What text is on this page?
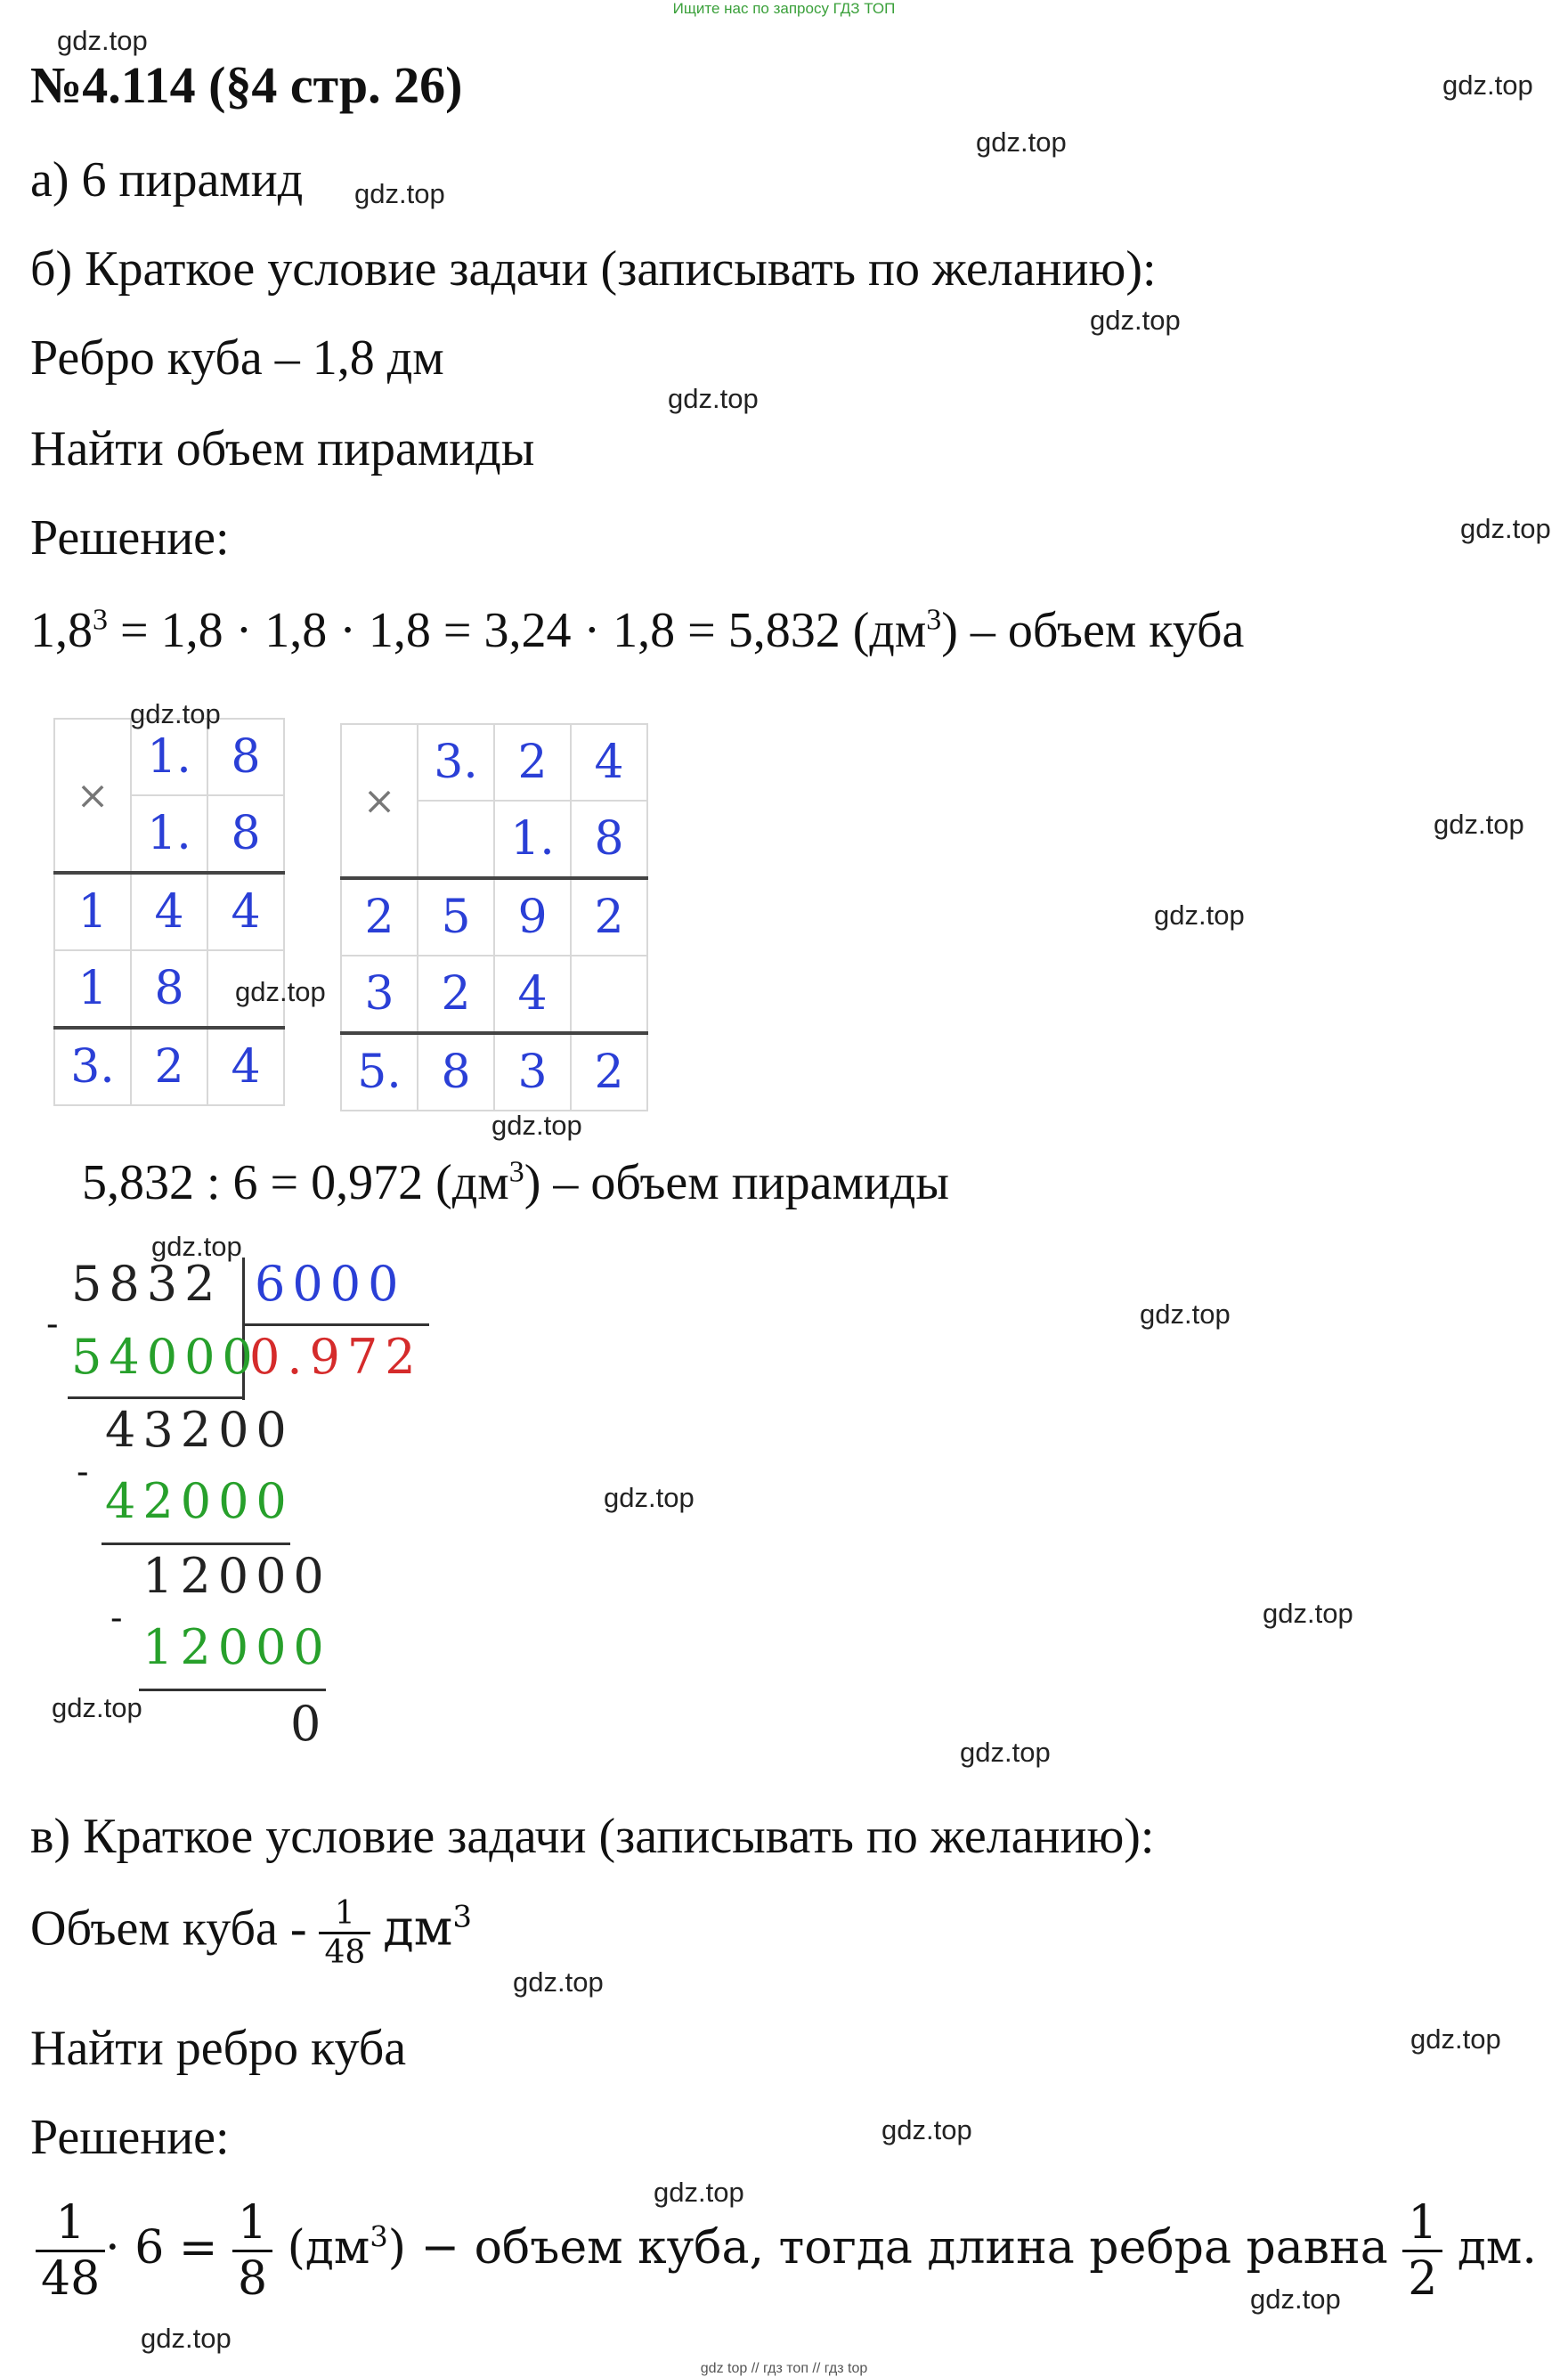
Ищите нас по запросу ГДЗ ТОП
№4.114 (§4 стр. 26)
а) 6 пирамид
б) Краткое условие задачи (записывать по желанию):
Ребро куба – 1,8 дм
Найти объем пирамиды
Решение:
$1,8^3 = 1,8 \cdot 1,8 \cdot 1,8 = 3,24 \cdot 1,8 = 5,832$ $(дм^3)$ – объем куба
×	1.	8
	1.	8
1	4	4
1	8	
3.	2	4
×	3.	2	4
		1.	8
2	5	9	2
3	2	4	
5.	8	3	2
5,832 : 6 = 0,972 $(дм^3)$ – объем пирамиды
5832 6000
0.972
-
54000
43200
-
42000
12000
-
12000
0
в) Краткое условие задачи (записывать по желанию):
Объем куба - $\frac{1}{48} дм^3$
Найти ребро куба
Решение:
$\frac{1}{48} \cdot 6 = \frac{1}{8} (дм^3)$ − объем куба, тогда длина ребра равна $\frac{1}{2}$ дм.
gdz.top
gdz.top
gdz.top
gdz.top
gdz.top
gdz.top
gdz.top
gdz.top
gdz.top
gdz.top
gdz.top
gdz.top
gdz.top
gdz.top
gdz.top
gdz.top
gdz.top
gdz.top
gdz.top
gdz.top
gdz.top
gdz.top
gdz.top
gdz.top
gdz top // гдз топ // гдз top
